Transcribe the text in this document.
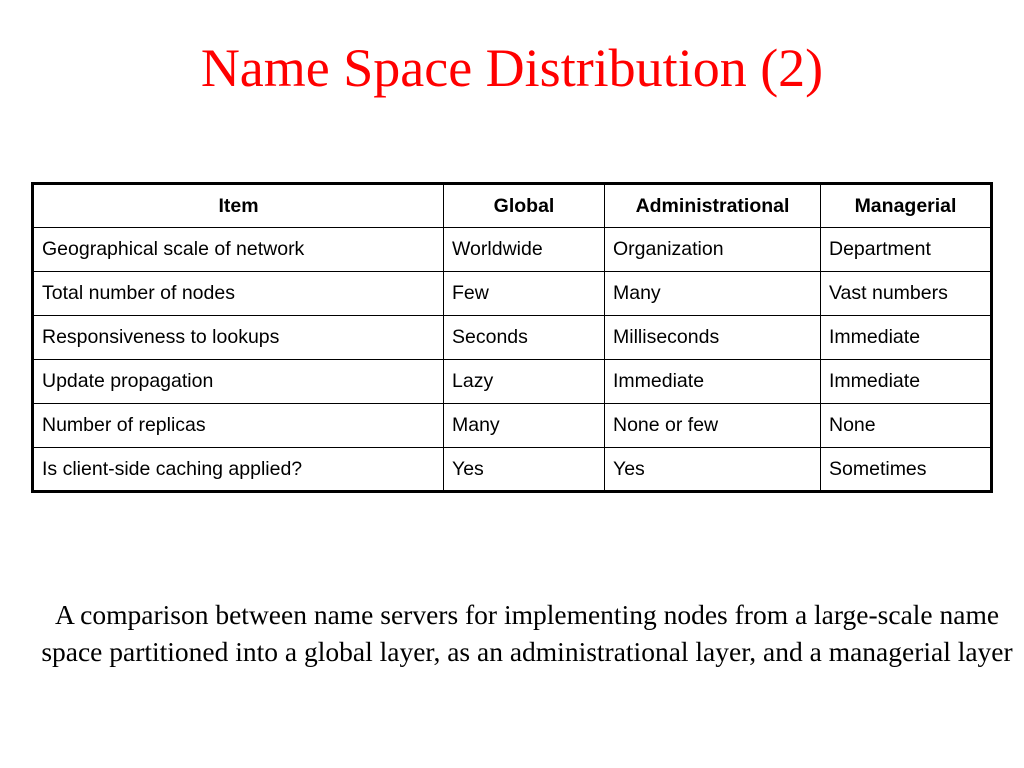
Name Space Distribution (2)
Item	Global	Administrational	Managerial
Geographical scale of network	Worldwide	Organization	Department
Total number of nodes	Few	Many	Vast numbers
Responsiveness to lookups	Seconds	Milliseconds	Immediate
Update propagation	Lazy	Immediate	Immediate
Number of replicas	Many	None or few	None
Is client-side caching applied?	Yes	Yes	Sometimes

A comparison between name servers for implementing nodes from a large-scale name space partitioned into a global layer, as an administrational layer, and a managerial layer
